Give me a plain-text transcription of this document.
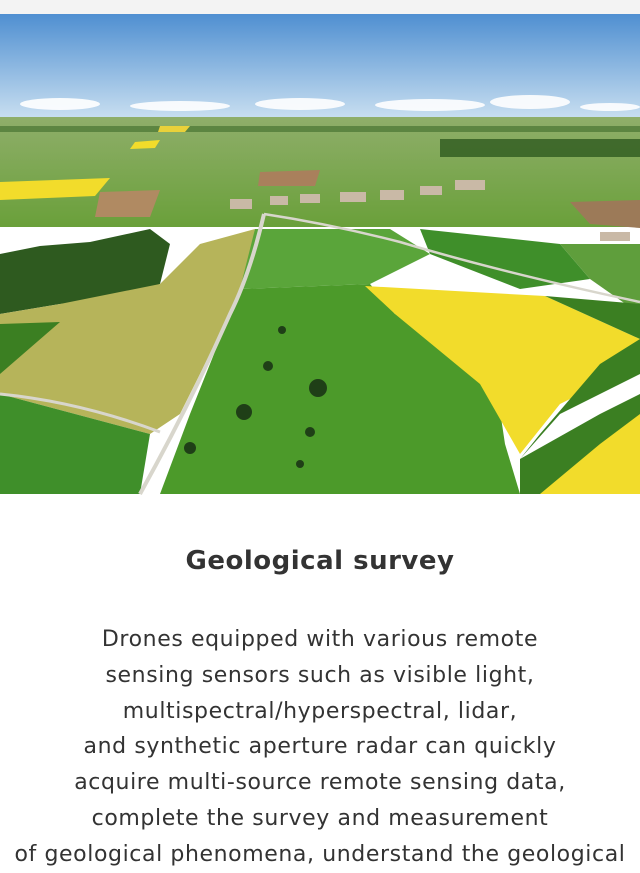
Geological survey
Drones equipped with various remote
sensing sensors such as visible light,
multispectral/hyperspectral, lidar,
and synthetic aperture radar can quickly
acquire multi-source remote sensing data,
complete the survey and measurement
of geological phenomena, understand the geological
